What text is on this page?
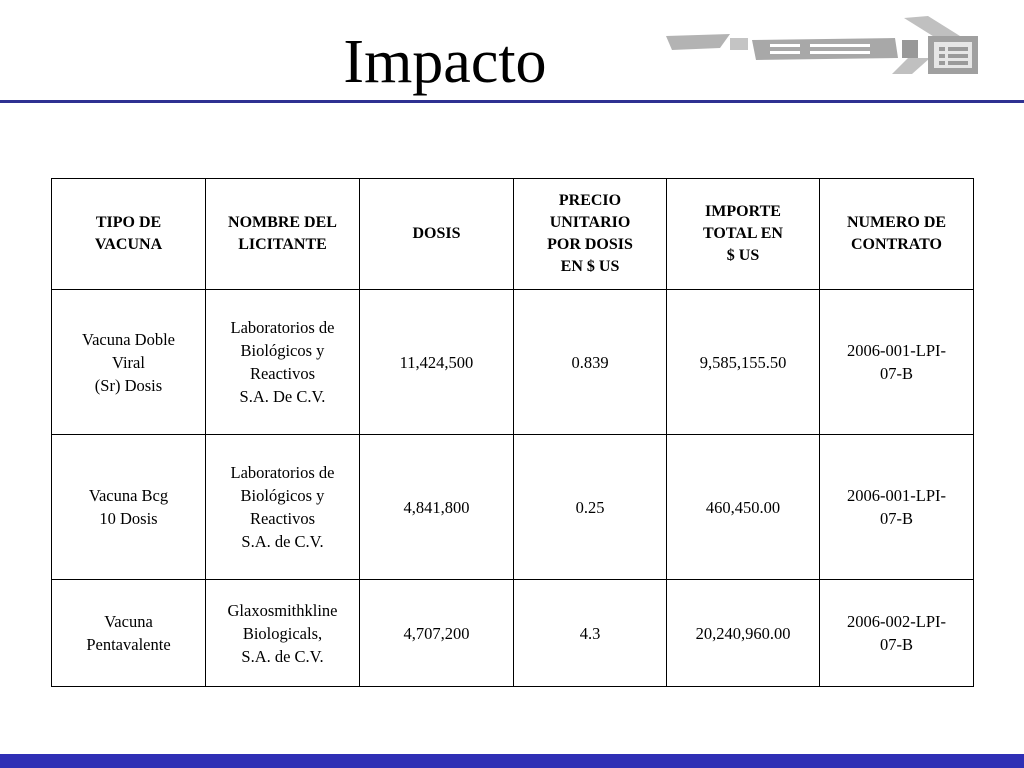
Impacto
TIPO DE
VACUNA	NOMBRE DEL
LICITANTE	DOSIS	PRECIO
UNITARIO
POR DOSIS
EN $ US	IMPORTE
TOTAL EN
$ US	NUMERO DE
CONTRATO
Vacuna Doble
Viral
(Sr) Dosis	Laboratorios de
Biológicos y
Reactivos
S.A. De C.V.	11,424,500	0.839	9,585,155.50	2006-001-LPI-
07-B
Vacuna Bcg
10 Dosis	Laboratorios de
Biológicos y
Reactivos
S.A. de C.V.	4,841,800	0.25	460,450.00	2006-001-LPI-
07-B
Vacuna
Pentavalente	Glaxosmithkline
Biologicals,
S.A. de C.V.	4,707,200	4.3	20,240,960.00	2006-002-LPI-
07-B
